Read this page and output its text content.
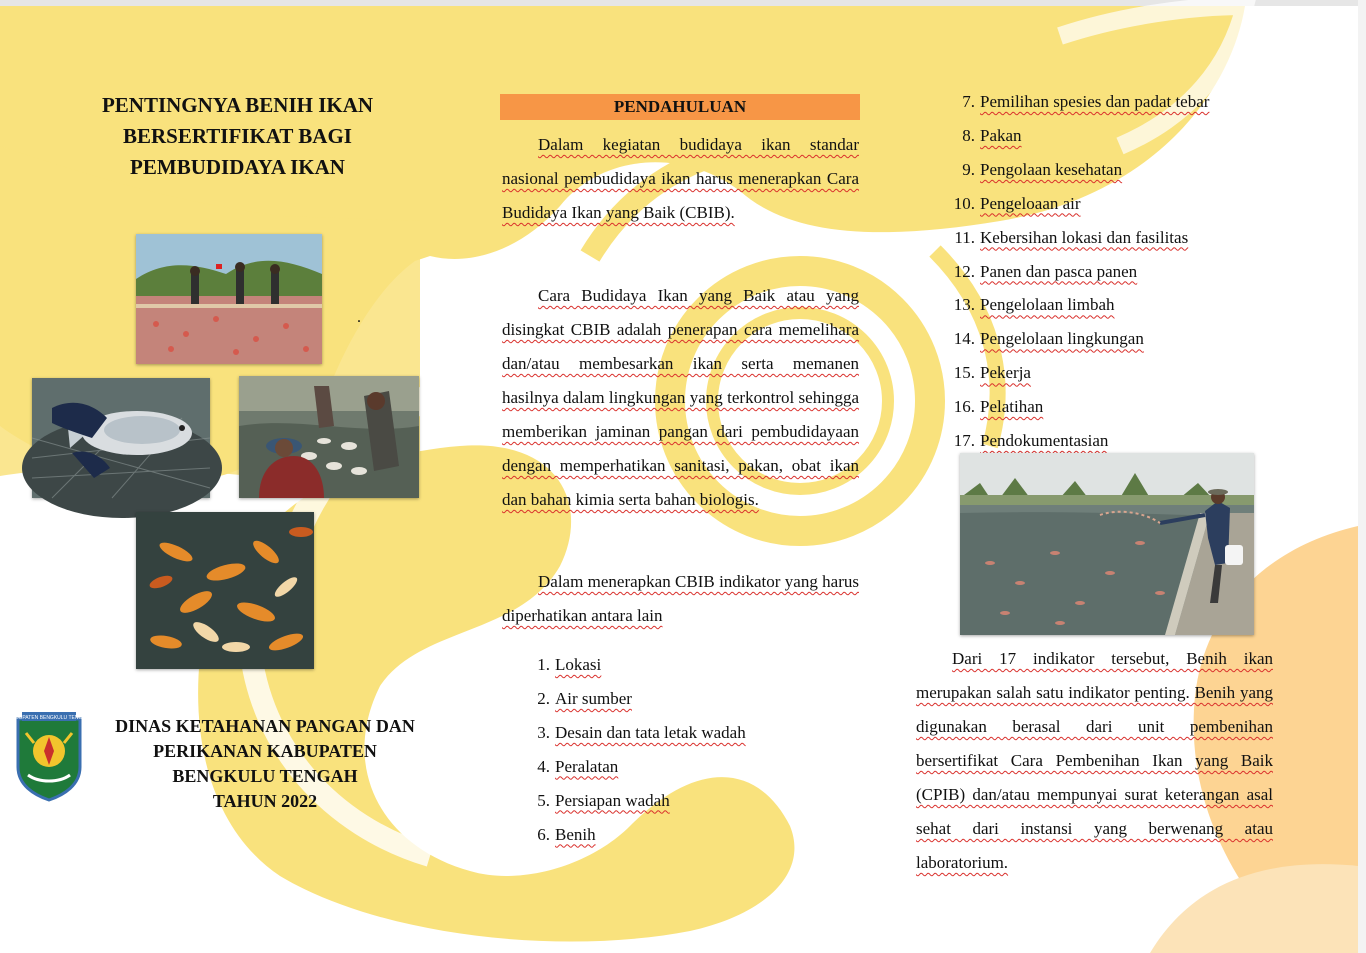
PENTINGNYA BENIH IKAN
BERSERTIFIKAT BAGI
PEMBUDIDAYA IKAN
.
KABUPATEN BENGKULU TENGAH	DINAS KETAHANAN PANGAN DAN
PERIKANAN KABUPATEN
BENGKULU TENGAH
TAHUN 2022
PENDAHULUAN
Dalam kegiatan budidaya ikan standar nasional pembudidaya ikan harus menerapkan Cara Budidaya Ikan yang Baik (CBIB).
Cara Budidaya Ikan yang Baik atau yang disingkat CBIB adalah penerapan cara memelihara dan/atau membesarkan ikan serta memanen hasilnya dalam lingkungan yang terkontrol sehingga memberikan jaminan pangan dari pembudidayaan dengan memperhatikan sanitasi, pakan, obat ikan dan bahan kimia serta bahan biologis.
Dalam menerapkan CBIB indikator yang harus diperhatikan antara lain
1. Lokasi
2. Air sumber
3. Desain dan tata letak wadah
4. Peralatan
5. Persiapan wadah
6. Benih
7. Pemilihan spesies dan padat tebar
8. Pakan
9. Pengolaan kesehatan
10. Pengeloaan air
11. Kebersihan lokasi dan fasilitas
12. Panen dan pasca panen
13. Pengelolaan limbah
14. Pengelolaan lingkungan
15. Pekerja
16. Pelatihan
17. Pendokumentasian
Dari 17 indikator tersebut, Benih ikan merupakan salah satu indikator penting. Benih yang digunakan berasal dari unit pembenihan bersertifikat Cara Pembenihan Ikan yang Baik (CPIB) dan/atau mempunyai surat keterangan asal sehat dari instansi yang berwenang atau laboratorium.
